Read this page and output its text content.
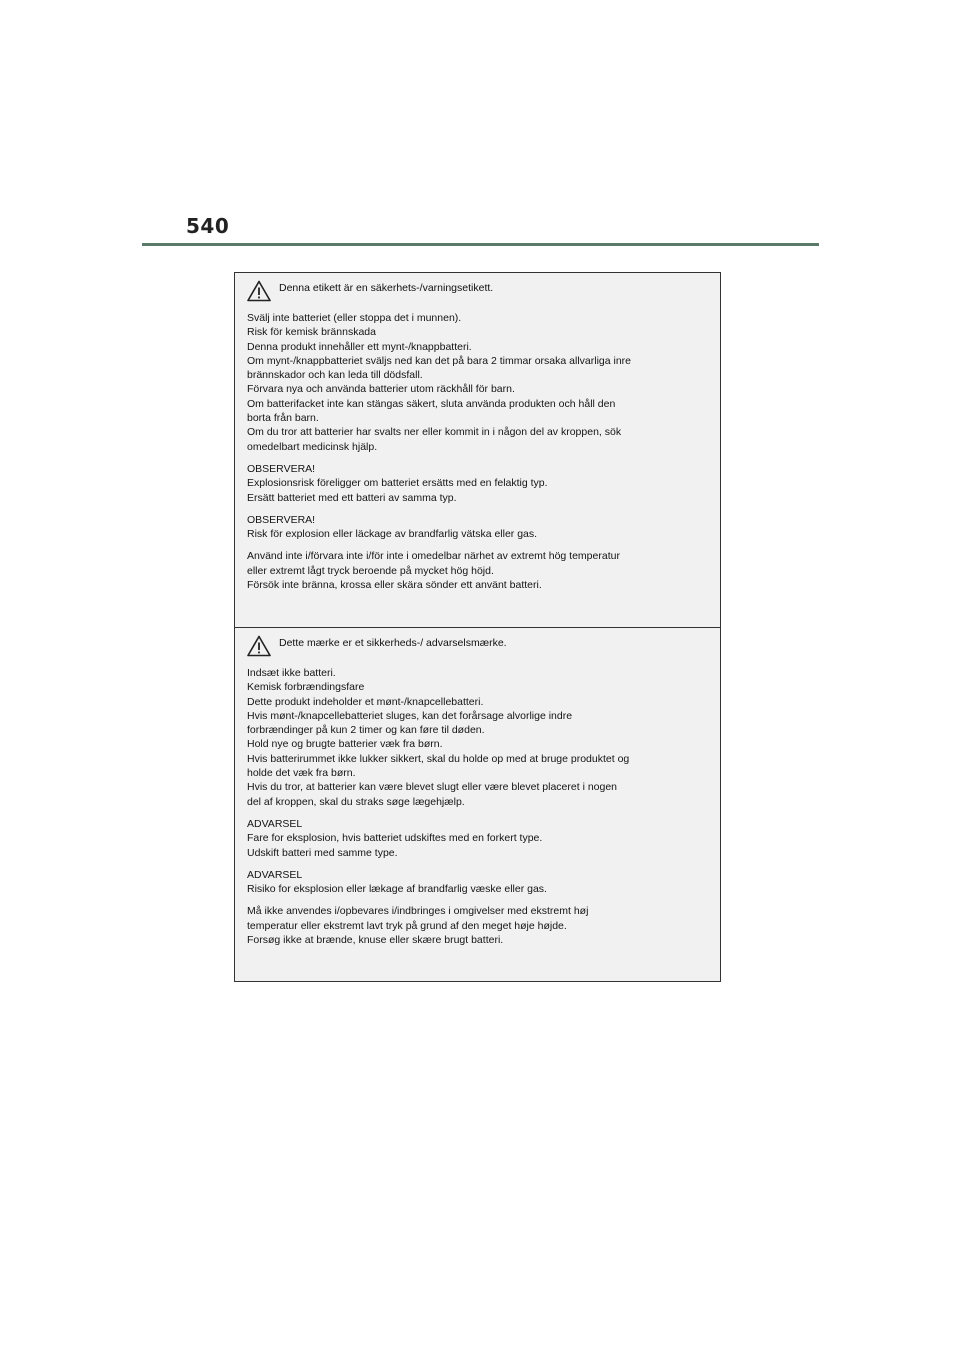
540
Denna etikett är en säkerhets-/varningsetikett.
Svälj inte batteriet (eller stoppa det i munnen).
Risk för kemisk brännskada
Denna produkt innehåller ett mynt-/knappbatteri.
Om mynt-/knappbatteriet sväljs ned kan det på bara 2 timmar orsaka allvarliga inre
brännskador och kan leda till dödsfall.
Förvara nya och använda batterier utom räckhåll för barn.
Om batterifacket inte kan stängas säkert, sluta använda produkten och håll den
borta från barn.
Om du tror att batterier har svalts ner eller kommit in i någon del av kroppen, sök
omedelbart medicinsk hjälp.
OBSERVERA!
Explosionsrisk föreligger om batteriet ersätts med en felaktig typ.
Ersätt batteriet med ett batteri av samma typ.
OBSERVERA!
Risk för explosion eller läckage av brandfarlig vätska eller gas.
Använd inte i/förvara inte i/för inte i omedelbar närhet av extremt hög temperatur
eller extremt lågt tryck beroende på mycket hög höjd.
Försök inte bränna, krossa eller skära sönder ett använt batteri.
Dette mærke er et sikkerheds-/ advarselsmærke.
Indsæt ikke batteri.
Kemisk forbrændingsfare
Dette produkt indeholder et mønt-/knapcellebatteri.
Hvis mønt-/knapcellebatteriet sluges, kan det forårsage alvorlige indre
forbrændinger på kun 2 timer og kan føre til døden.
Hold nye og brugte batterier væk fra børn.
Hvis batterirummet ikke lukker sikkert, skal du holde op med at bruge produktet og
holde det væk fra børn.
Hvis du tror, at batterier kan være blevet slugt eller være blevet placeret i nogen
del af kroppen, skal du straks søge lægehjælp.
ADVARSEL
Fare for eksplosion, hvis batteriet udskiftes med en forkert type.
Udskift batteri med samme type.
ADVARSEL
Risiko for eksplosion eller lækage af brandfarlig væske eller gas.
Må ikke anvendes i/opbevares i/indbringes i omgivelser med ekstremt høj
temperatur eller ekstremt lavt tryk på grund af den meget høje højde.
Forsøg ikke at brænde, knuse eller skære brugt batteri.
